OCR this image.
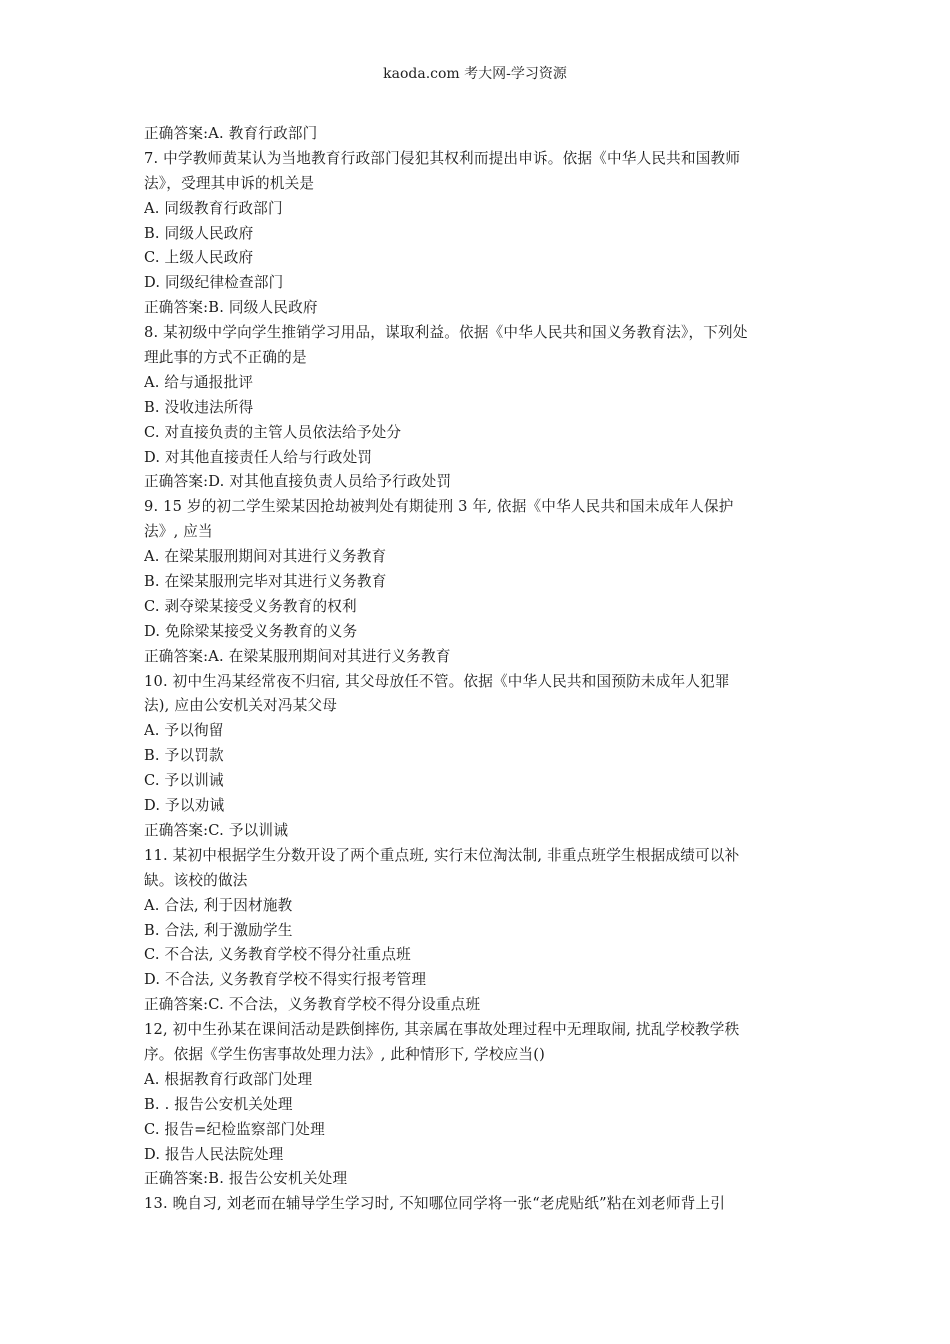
kaoda.com 考大网-学习资源
正确答案:A. 教育行政部门
7. 中学教师黄某认为当地教育行政部门侵犯其权利而提出申诉。依据《中华人民共和国教师
法》，受理其申诉的机关是
A. 同级教育行政部门
B. 同级人民政府
C. 上级人民政府
D. 同级纪律检查部门
正确答案:B. 同级人民政府
8. 某初级中学向学生推销学习用品，谋取利益。依据《中华人民共和国义务教育法》，下列处
理此事的方式不正确的是
A. 给与通报批评
B. 没收违法所得
C. 对直接负责的主管人员依法给予处分
D. 对其他直接责任人给与行政处罚
正确答案:D. 对其他直接负责人员给予行政处罚
9. 15 岁的初二学生梁某因抢劫被判处有期徒刑 3 年, 依据《中华人民共和国未成年人保护
法》, 应当
A. 在梁某服刑期间对其进行义务教育
B. 在梁某服刑完毕对其进行义务教育
C. 剥夺梁某接受义务教育的权利
D. 免除梁某接受义务教育的义务
正确答案:A. 在梁某服刑期间对其进行义务教育
10. 初中生冯某经常夜不归宿, 其父母放任不管。依据《中华人民共和国预防未成年人犯罪
法), 应由公安机关对冯某父母
A. 予以徇留
B. 予以罚款
C. 予以训诫
D. 予以劝诫
正确答案:C. 予以训诫
11. 某初中根据学生分数开设了两个重点班, 实行末位淘汰制, 非重点班学生根据成绩可以补
缺。该校的做法
A. 合法, 利于因材施教
B. 合法, 利于激励学生
C. 不合法, 义务教育学校不得分社重点班
D. 不合法, 义务教育学校不得实行报考管理
正确答案:C. 不合法，义务教育学校不得分设重点班
12, 初中生孙某在课间活动是跌倒摔伤, 其亲属在事故处理过程中无理取闹, 扰乱学校教学秩
序。依据《学生伤害事故处理力法》, 此种情形下, 学校应当()
A. 根据教育行政部门处理
B. . 报告公安机关处理
C. 报告=纪检监察部门处理
D. 报告人民法院处理
正确答案:B. 报告公安机关处理
13. 晚自习, 刘老而在辅导学生学习时, 不知哪位同学将一张“老虎贴纸”粘在刘老师背上引
